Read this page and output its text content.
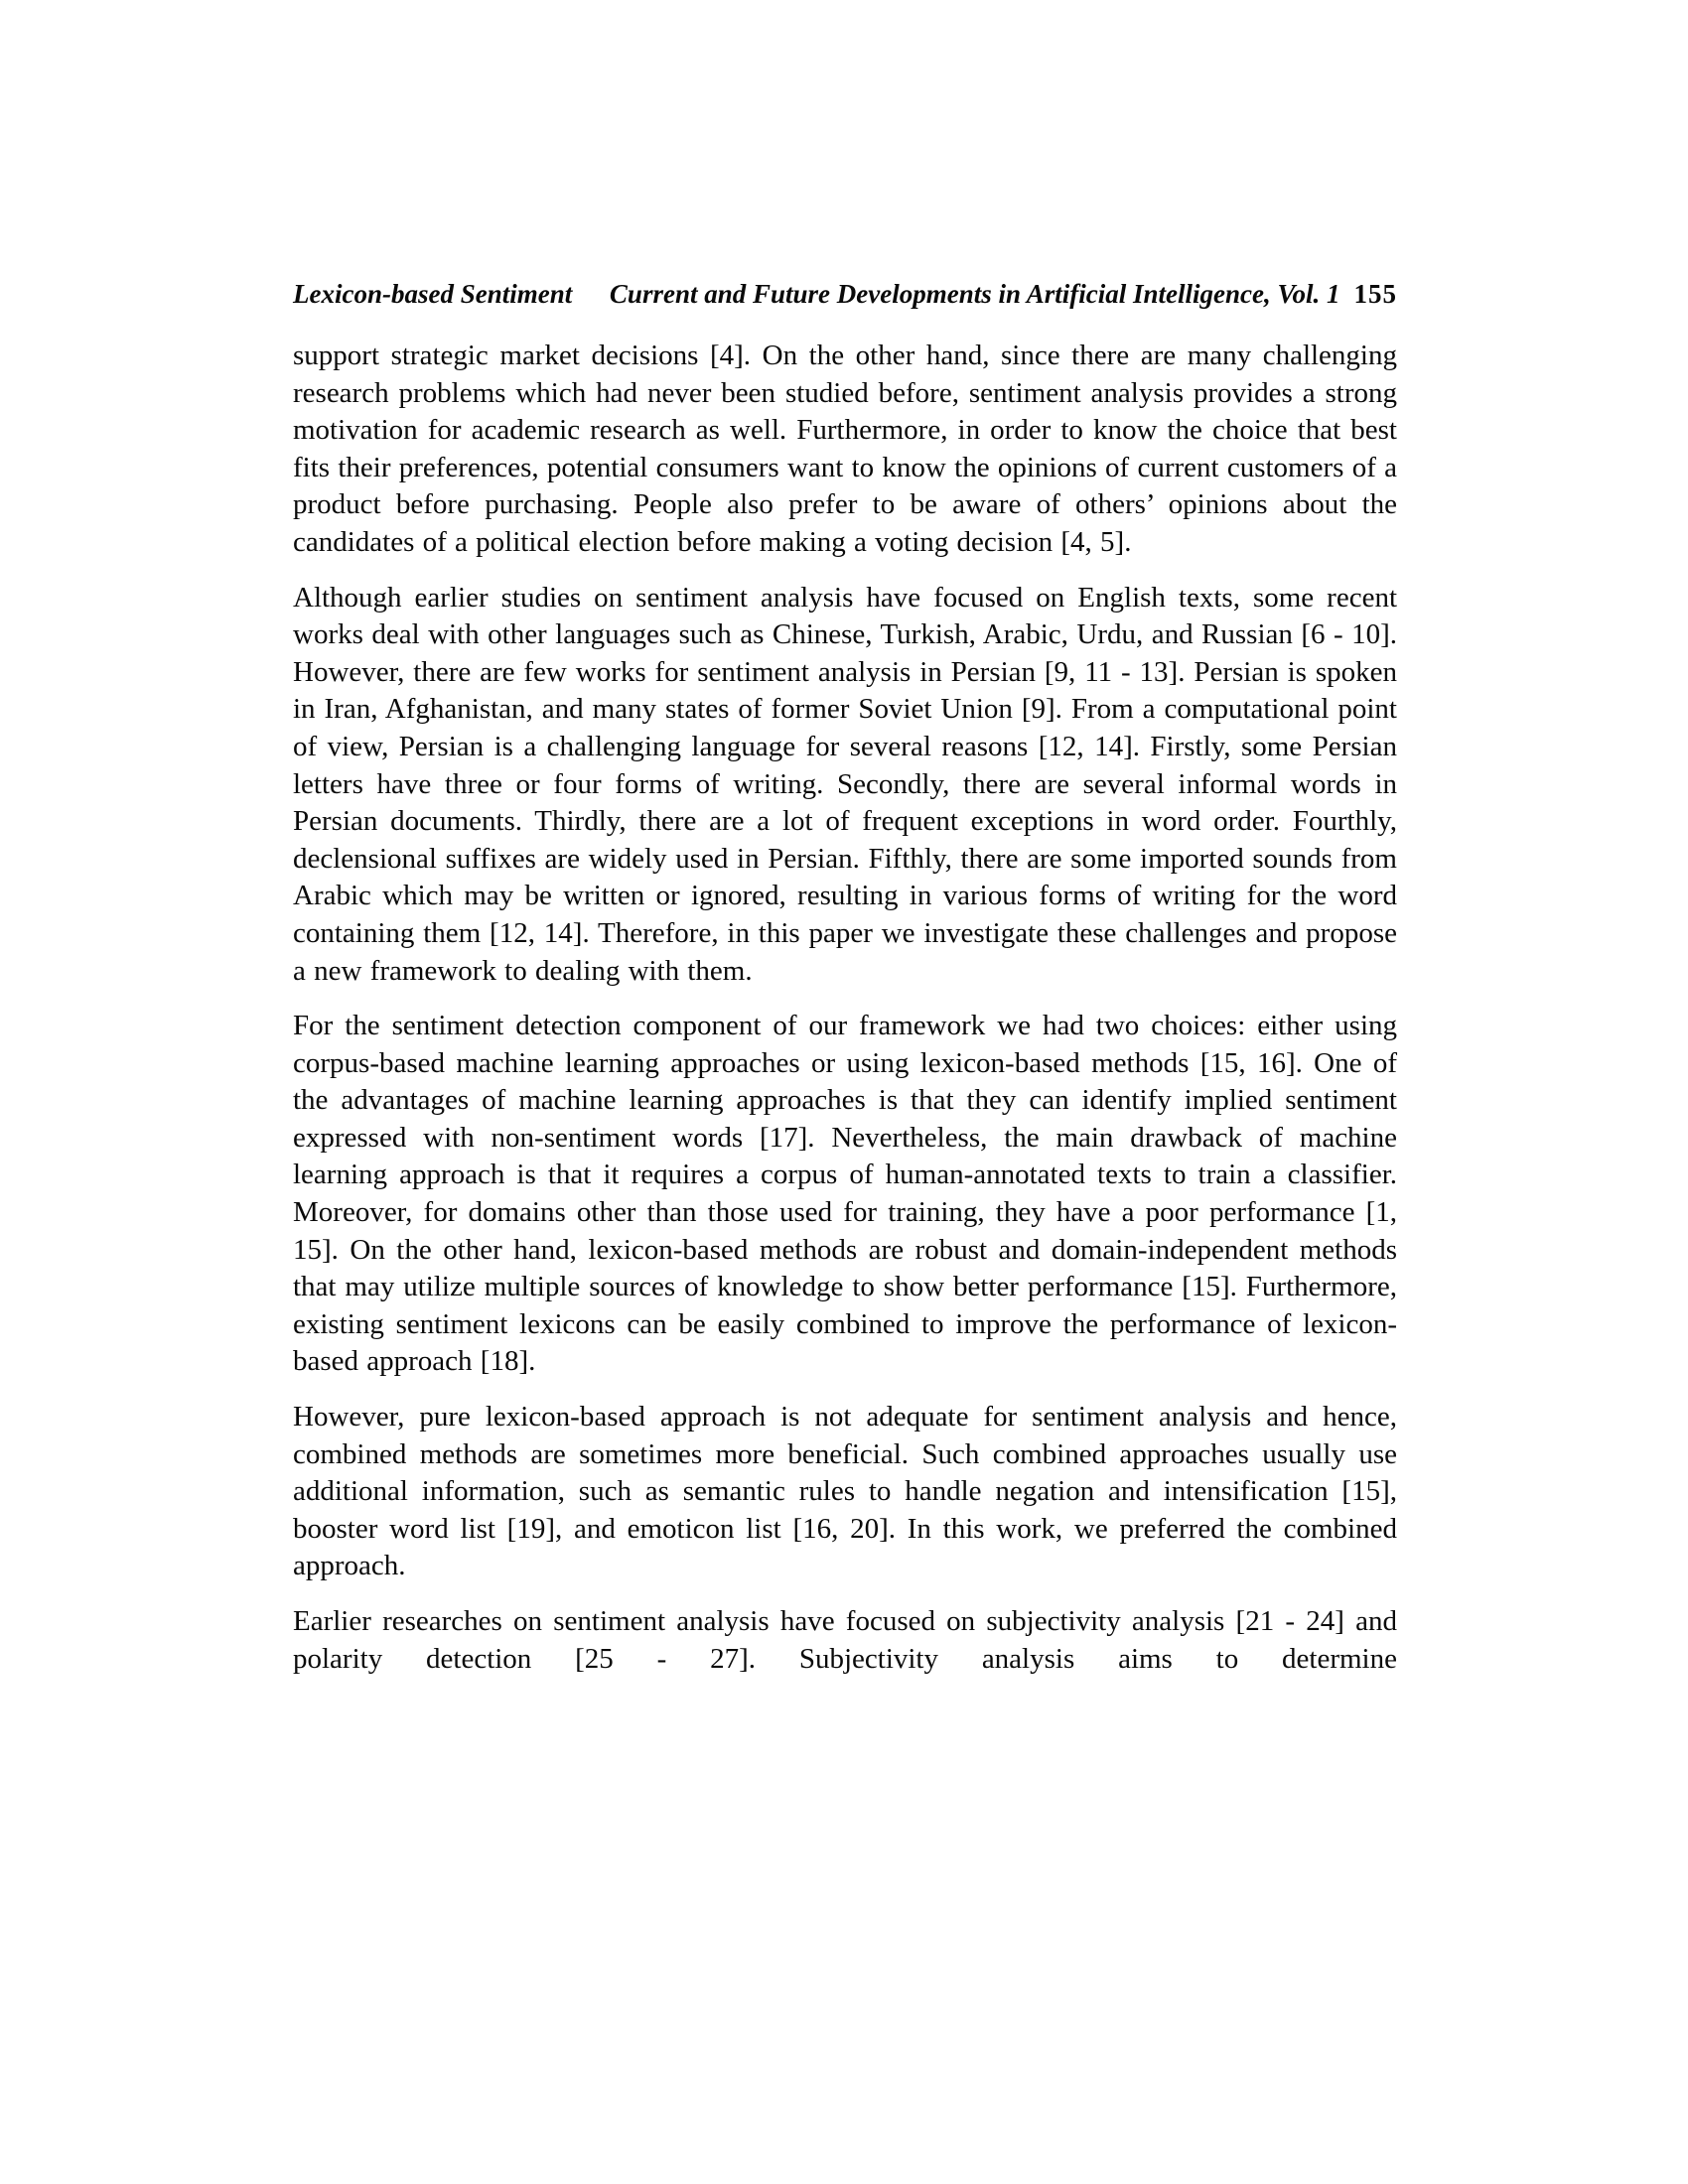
Lexicon-based Sentiment Current and Future Developments in Artificial Intelligence, Vol. 1 155

support strategic market decisions [4]. On the other hand, since there are many challenging research problems which had never been studied before, sentiment analysis provides a strong motivation for academic research as well. Furthermore, in order to know the choice that best fits their preferences, potential consumers want to know the opinions of current customers of a product before purchasing. People also prefer to be aware of others’ opinions about the candidates of a political election before making a voting decision [4, 5].

Although earlier studies on sentiment analysis have focused on English texts, some recent works deal with other languages such as Chinese, Turkish, Arabic, Urdu, and Russian [6 - 10]. However, there are few works for sentiment analysis in Persian [9, 11 - 13]. Persian is spoken in Iran, Afghanistan, and many states of former Soviet Union [9]. From a computational point of view, Persian is a challenging language for several reasons [12, 14]. Firstly, some Persian letters have three or four forms of writing. Secondly, there are several informal words in Persian documents. Thirdly, there are a lot of frequent exceptions in word order. Fourthly, declensional suffixes are widely used in Persian. Fifthly, there are some imported sounds from Arabic which may be written or ignored, resulting in various forms of writing for the word containing them [12, 14]. Therefore, in this paper we investigate these challenges and propose a new framework to dealing with them.

For the sentiment detection component of our framework we had two choices: either using corpus-based machine learning approaches or using lexicon-based methods [15, 16]. One of the advantages of machine learning approaches is that they can identify implied sentiment expressed with non-sentiment words [17]. Nevertheless, the main drawback of machine learning approach is that it requires a corpus of human-annotated texts to train a classifier. Moreover, for domains other than those used for training, they have a poor performance [1, 15]. On the other hand, lexicon-based methods are robust and domain-independent methods that may utilize multiple sources of knowledge to show better performance [15]. Furthermore, existing sentiment lexicons can be easily combined to improve the performance of lexicon-based approach [18].

However, pure lexicon-based approach is not adequate for sentiment analysis and hence, combined methods are sometimes more beneficial. Such combined approaches usually use additional information, such as semantic rules to handle negation and intensification [15], booster word list [19], and emoticon list [16, 20]. In this work, we preferred the combined approach.

Earlier researches on sentiment analysis have focused on subjectivity analysis [21 - 24] and polarity detection [25 - 27]. Subjectivity analysis aims to determine
